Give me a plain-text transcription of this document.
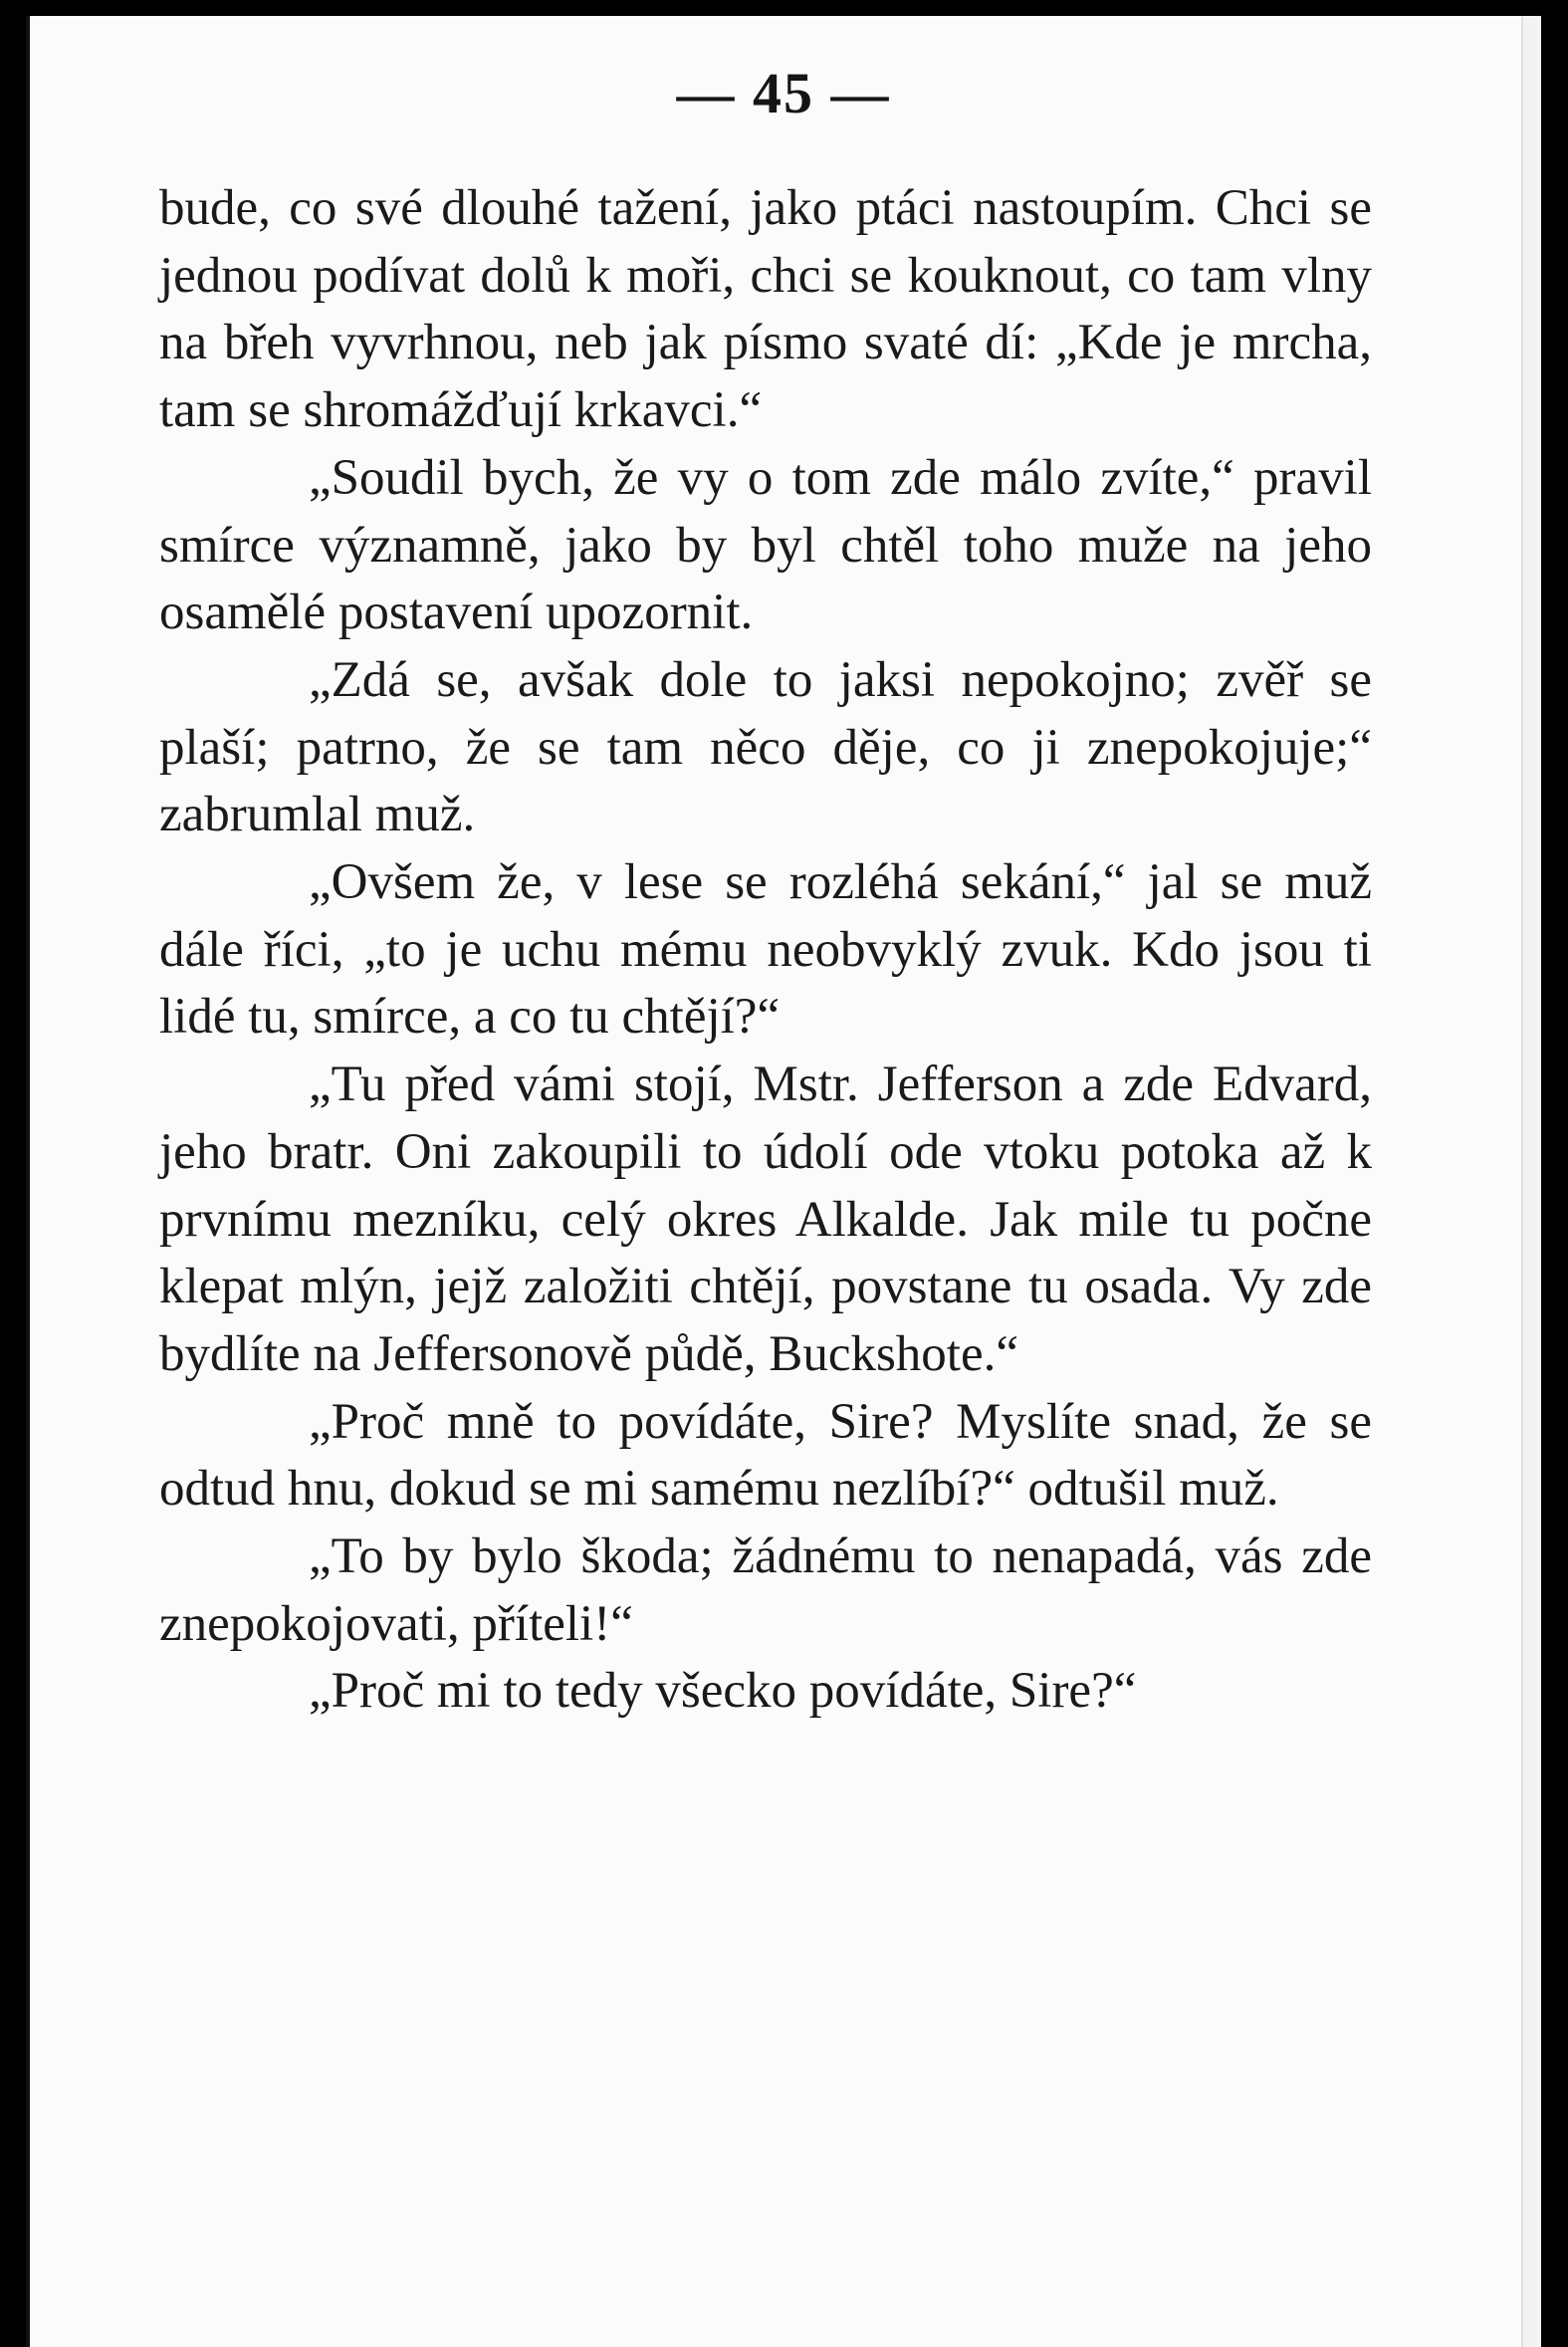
— 45 —

bude, co své dlouhé tažení, jako ptáci nastoupím. Chci se jednou podívat dolů k moři, chci se kouknout, co tam vlny na břeh vyvrhnou, neb jak písmo svaté dí: „Kde je mrcha, tam se shromážďují krkavci.“

„Soudil bych, že vy o tom zde málo zvíte,“ pravil smírce významně, jako by byl chtěl toho muže na jeho osamělé postavení upozornit.

„Zdá se, avšak dole to jaksi nepokojno; zvěř se plaší; patrno, že se tam něco děje, co ji znepokojuje;“ zabrumlal muž.

„Ovšem že, v lese se rozléhá sekání,“ jal se muž dále říci, „to je uchu mému neobvyklý zvuk. Kdo jsou ti lidé tu, smírce, a co tu chtějí?“

„Tu před vámi stojí, Mstr. Jefferson a zde Edvard, jeho bratr. Oni zakoupili to údolí ode vtoku potoka až k prvnímu mezníku, celý okres Alkalde. Jak mile tu počne klepat mlýn, jejž založiti chtějí, povstane tu osada. Vy zde bydlíte na Jeffersonově půdě, Buckshote.“

„Proč mně to povídáte, Sire? Myslíte snad, že se odtud hnu, dokud se mi samému nezlíbí?“ odtušil muž.

„To by bylo škoda; žádnému to nenapadá, vás zde znepokojovati, příteli!“

„Proč mi to tedy všecko povídáte, Sire?“
